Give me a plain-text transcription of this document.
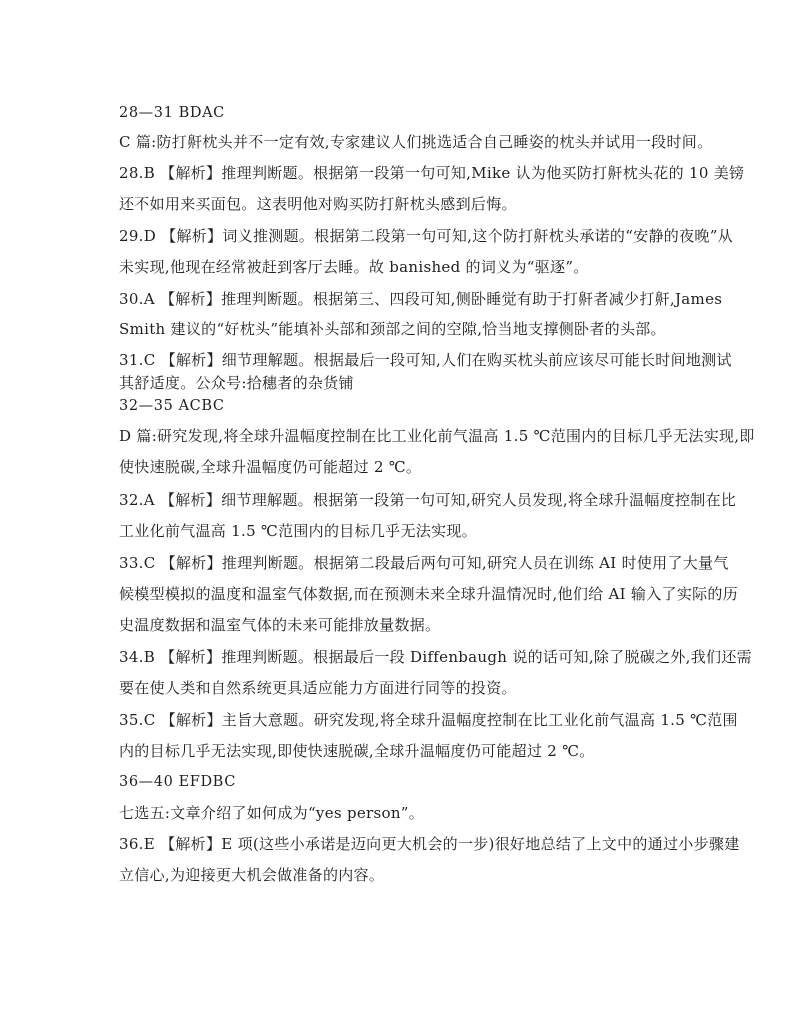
28—31 BDAC
C 篇:防打鼾枕头并不一定有效,专家建议人们挑选适合自己睡姿的枕头并试用一段时间。
28.B 【解析】推理判断题。根据第一段第一句可知,Mike 认为他买防打鼾枕头花的 10 美镑
还不如用来买面包。这表明他对购买防打鼾枕头感到后悔。
29.D 【解析】词义推测题。根据第二段第一句可知,这个防打鼾枕头承诺的“安静的夜晚”从
未实现,他现在经常被赶到客厅去睡。故 banished 的词义为“驱逐”。
30.A 【解析】推理判断题。根据第三、四段可知,侧卧睡觉有助于打鼾者减少打鼾,James
Smith 建议的“好枕头”能填补头部和颈部之间的空隙,恰当地支撑侧卧者的头部。
31.C 【解析】细节理解题。根据最后一段可知,人们在购买枕头前应该尽可能长时间地测试
其舒适度。公众号:拾穗者的杂货铺
32—35 ACBC
D 篇:研究发现,将全球升温幅度控制在比工业化前气温高 1.5 ℃范围内的目标几乎无法实现,即
使快速脱碳,全球升温幅度仍可能超过 2 ℃。
32.A 【解析】细节理解题。根据第一段第一句可知,研究人员发现,将全球升温幅度控制在比
工业化前气温高 1.5 ℃范围内的目标几乎无法实现。
33.C 【解析】推理判断题。根据第二段最后两句可知,研究人员在训练 AI 时使用了大量气
候模型模拟的温度和温室气体数据,而在预测未来全球升温情况时,他们给 AI 输入了实际的历
史温度数据和温室气体的未来可能排放量数据。
34.B 【解析】推理判断题。根据最后一段 Diffenbaugh 说的话可知,除了脱碳之外,我们还需
要在使人类和自然系统更具适应能力方面进行同等的投资。
35.C 【解析】主旨大意题。研究发现,将全球升温幅度控制在比工业化前气温高 1.5 ℃范围
内的目标几乎无法实现,即使快速脱碳,全球升温幅度仍可能超过 2 ℃。
36—40 EFDBC
七选五:文章介绍了如何成为“yes person”。
36.E 【解析】E 项(这些小承诺是迈向更大机会的一步)很好地总结了上文中的通过小步骤建
立信心,为迎接更大机会做准备的内容。
